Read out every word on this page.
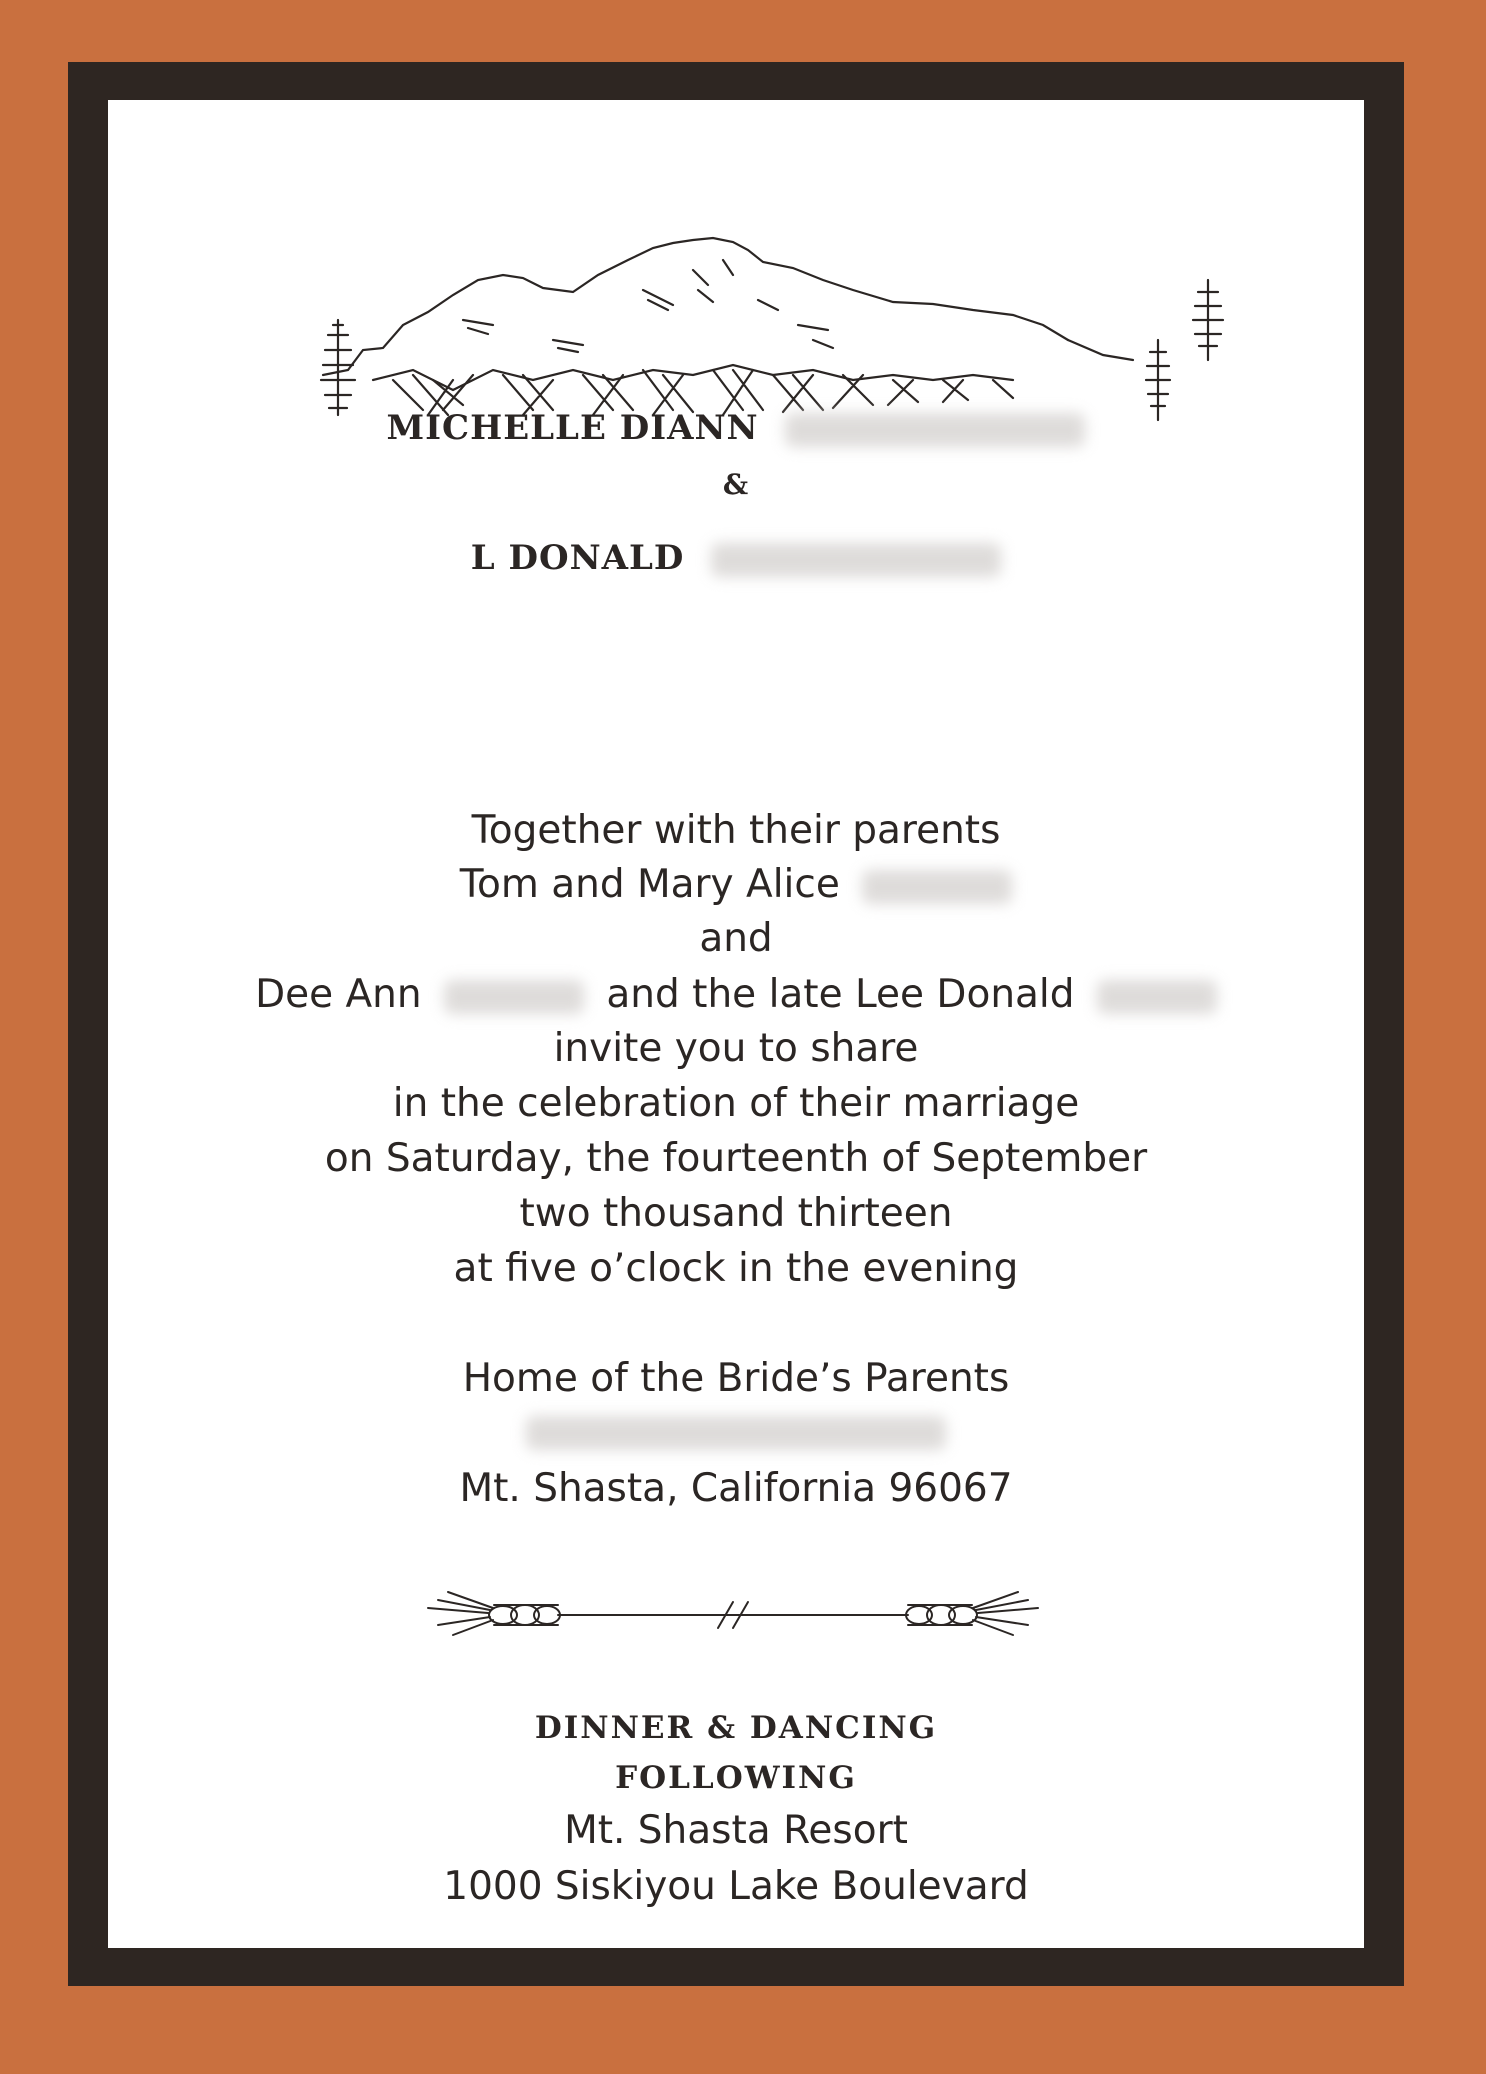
MICHELLE DIANN
&
L DONALD
Together with their parents
Tom and Mary Alice
and
Dee Ann	and the late Lee Donald
invite you to share
in the celebration of their marriage
on Saturday, the fourteenth of September
two thousand thirteen
at five o’clock in the evening
Home of the Bride’s Parents
Mt. Shasta, California 96067
DINNER & DANCING
FOLLOWING
Mt. Shasta Resort
1000 Siskiyou Lake Boulevard
